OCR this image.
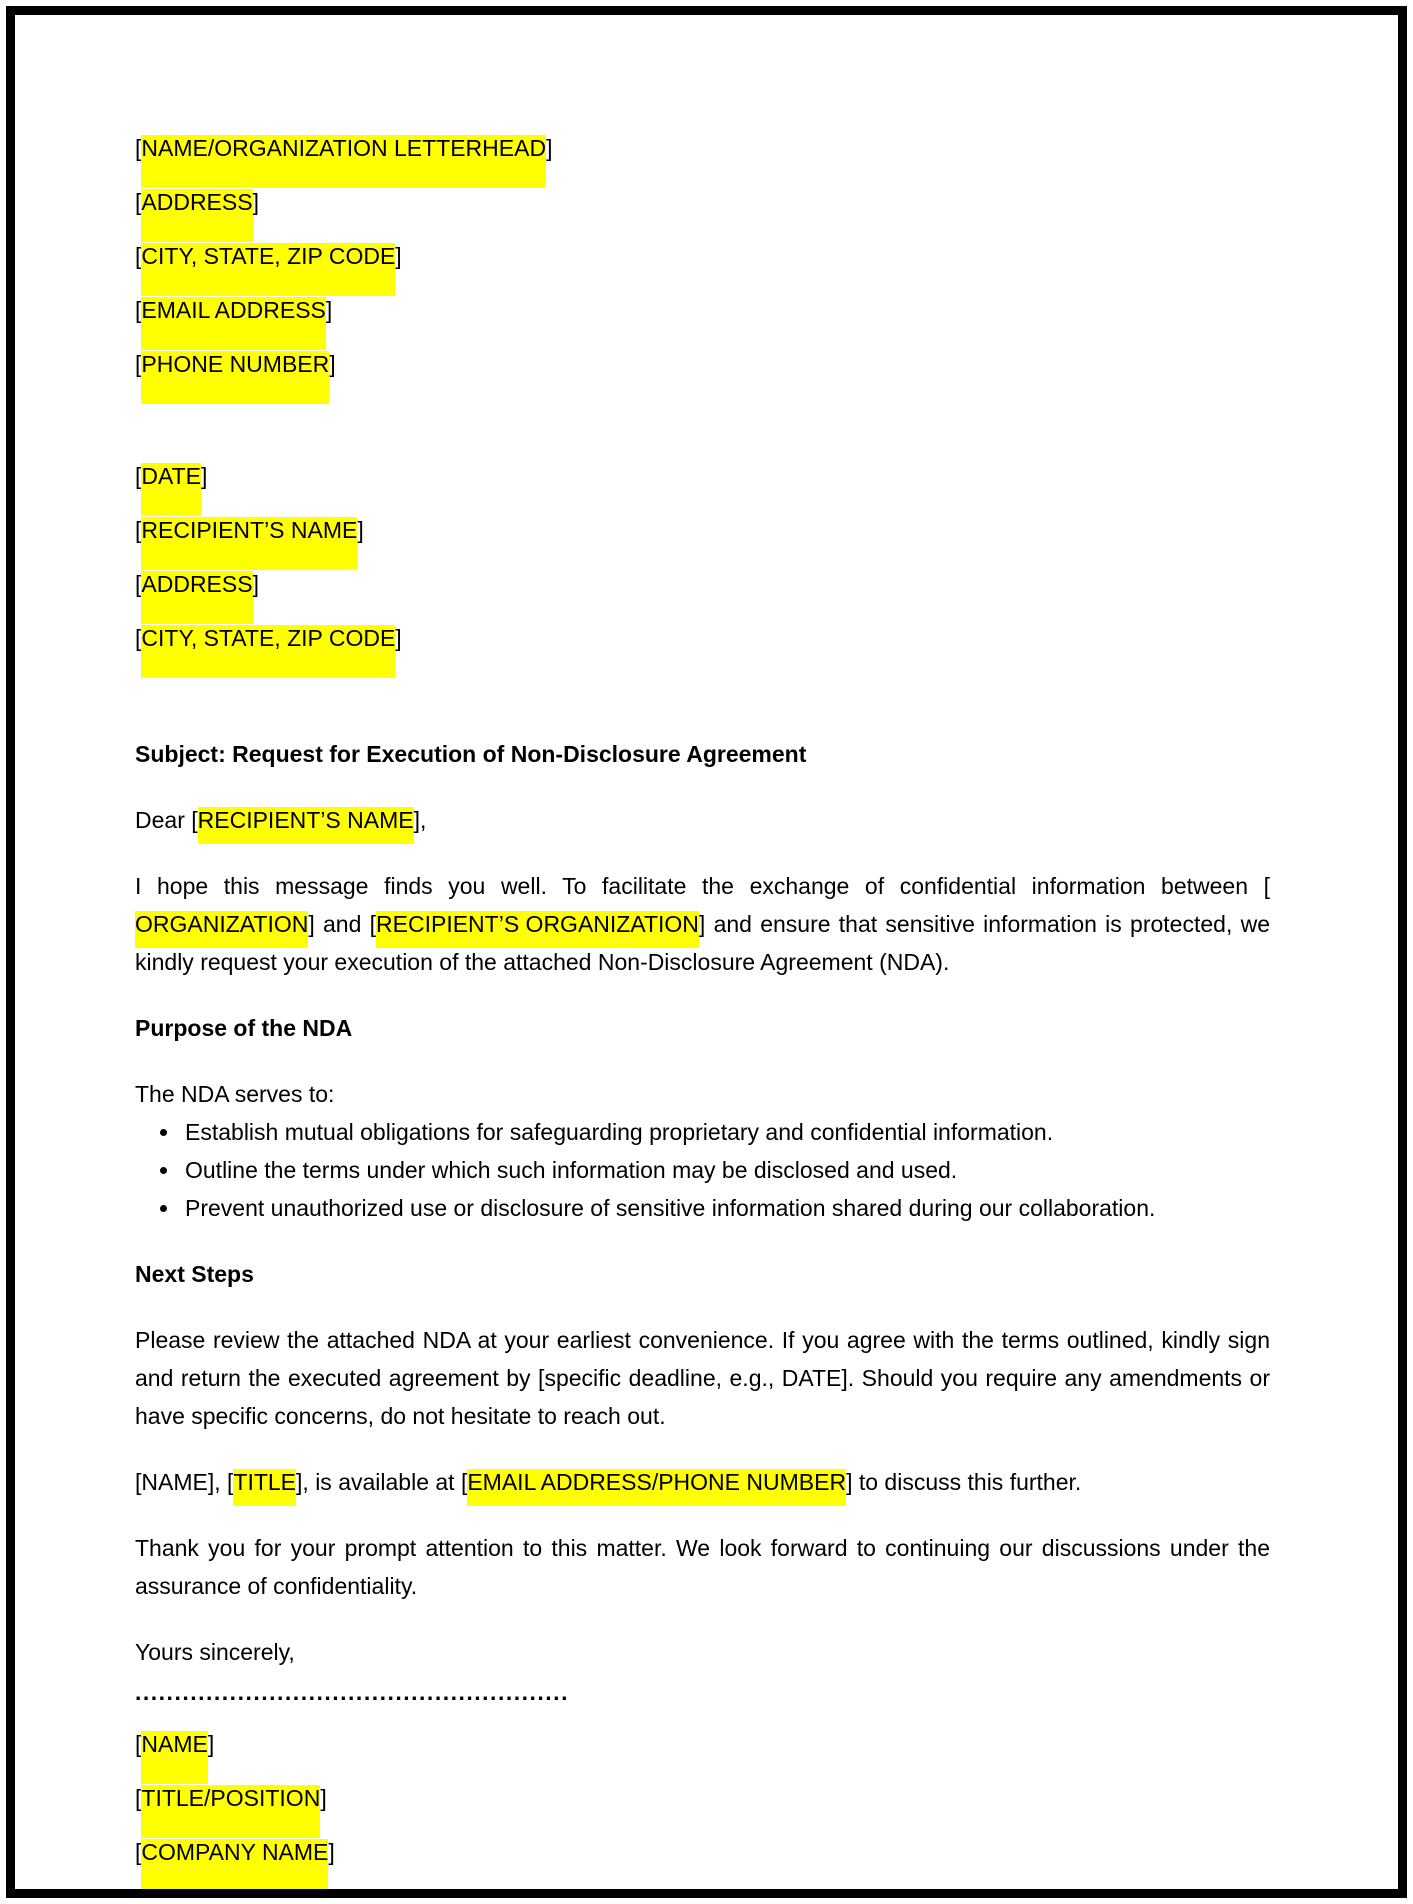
[NAME/ORGANIZATION LETTERHEAD]

[ADDRESS]

[CITY, STATE, ZIP CODE]

[EMAIL ADDRESS]

[PHONE NUMBER]

[DATE]

[RECIPIENT’S NAME]

[ADDRESS]

[CITY, STATE, ZIP CODE]

Subject: Request for Execution of Non-Disclosure Agreement

Dear [RECIPIENT’S NAME],

I hope this message finds you well. To facilitate the exchange of confidential information between [ORGANIZATION] and [RECIPIENT’S ORGANIZATION] and ensure that sensitive information is protected, we kindly request your execution of the attached Non-Disclosure Agreement (NDA).

Purpose of the NDA

The NDA serves to:

• Establish mutual obligations for safeguarding proprietary and confidential information.
• Outline the terms under which such information may be disclosed and used.
• Prevent unauthorized use or disclosure of sensitive information shared during our collaboration.

Next Steps

Please review the attached NDA at your earliest convenience. If you agree with the terms outlined, kindly sign and return the executed agreement by [specific deadline, e.g., DATE]. Should you require any amendments or have specific concerns, do not hesitate to reach out.

[NAME], [TITLE], is available at [EMAIL ADDRESS/PHONE NUMBER] to discuss this further.

Thank you for your prompt attention to this matter. We look forward to continuing our discussions under the assurance of confidentiality.

Yours sincerely,

.......................................................

[NAME]

[TITLE/POSITION]

[COMPANY NAME]
